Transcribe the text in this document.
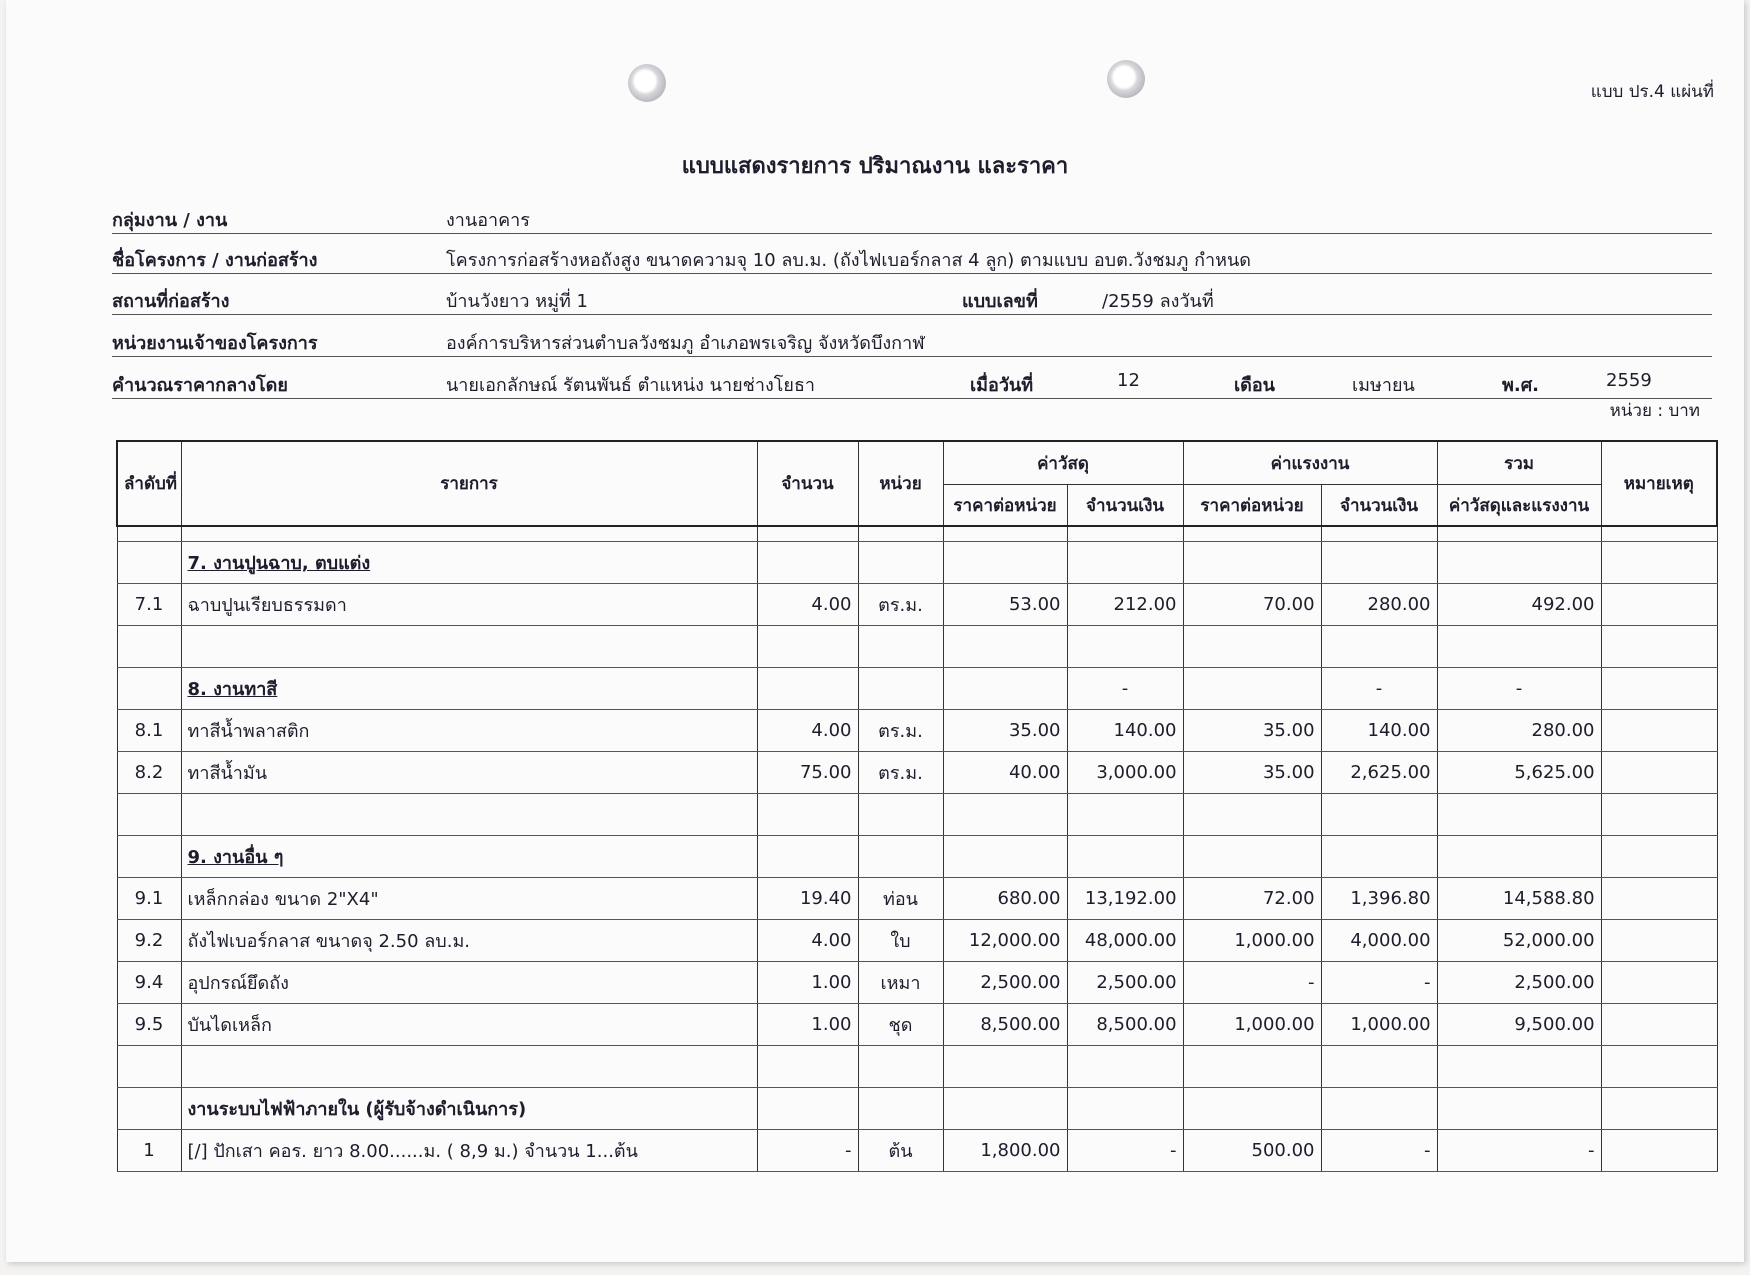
แบบ ปร.4 แผ่นที่
แบบแสดงรายการ ปริมาณงาน และราคา
กลุ่มงาน / งาน	งานอาคาร
ชื่อโครงการ / งานก่อสร้าง	โครงการก่อสร้างหอถังสูง ขนาดความจุ 10 ลบ.ม. (ถังไฟเบอร์กลาส 4 ลูก) ตามแบบ อบต.วังชมภู กำหนด
สถานที่ก่อสร้าง	บ้านวังยาว หมู่ที่ 1	แบบเลขที่	/2559 ลงวันที่
หน่วยงานเจ้าของโครงการ	องค์การบริหารส่วนตำบลวังชมภู อำเภอพรเจริญ จังหวัดบึงกาฬ
คำนวณราคากลางโดย	นายเอกลักษณ์ รัตนพันธ์ ตำแหน่ง นายช่างโยธา	เมื่อวันที่	12	เดือน	เมษายน	พ.ศ.	2559
หน่วย : บาท
ลำดับที่	รายการ	จำนวน	หน่วย	ค่าวัสดุ		ค่าแรงงาน		รวม	หมายเหตุ
				ราคาต่อหน่วย	จำนวนเงิน	ราคาต่อหน่วย	จำนวนเงิน	ค่าวัสดุและแรงงาน	

	7. งานปูนฉาบ, ตบแต่ง								
7.1	ฉาบปูนเรียบธรรมดา	4.00	ตร.ม.	53.00	212.00	70.00	280.00	492.00	

	8. งานทาสี				-		-	-	
8.1	ทาสีน้ำพลาสติก	4.00	ตร.ม.	35.00	140.00	35.00	140.00	280.00	
8.2	ทาสีน้ำมัน	75.00	ตร.ม.	40.00	3,000.00	35.00	2,625.00	5,625.00	

	9. งานอื่น ๆ								
9.1	เหล็กกล่อง ขนาด 2"X4"	19.40	ท่อน	680.00	13,192.00	72.00	1,396.80	14,588.80	
9.2	ถังไฟเบอร์กลาส ขนาดจุ 2.50 ลบ.ม.	4.00	ใบ	12,000.00	48,000.00	1,000.00	4,000.00	52,000.00	
9.4	อุปกรณ์ยึดถัง	1.00	เหมา	2,500.00	2,500.00	-	-	2,500.00	
9.5	บันไดเหล็ก	1.00	ชุด	8,500.00	8,500.00	1,000.00	1,000.00	9,500.00	

	งานระบบไฟฟ้าภายใน (ผู้รับจ้างดำเนินการ)								
1	[/] ปักเสา คอร. ยาว 8.00......ม. ( 8,9 ม.) จำนวน 1...ต้น	-	ต้น	1,800.00	-	500.00	-	-	
